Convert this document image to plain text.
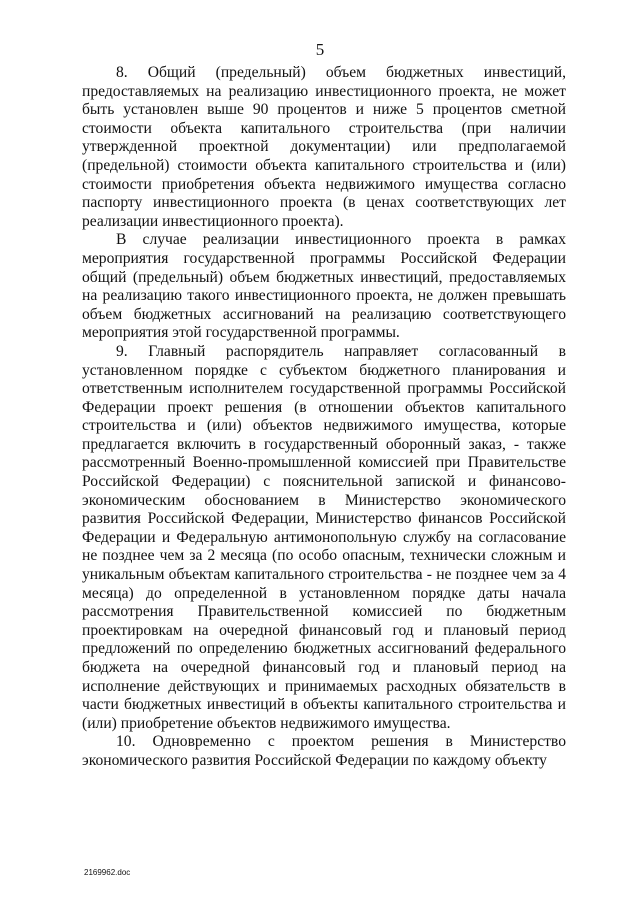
5

8. Общий (предельный) объем бюджетных инвестиций, предоставляемых на реализацию инвестиционного проекта, не может быть установлен выше 90 процентов и ниже 5 процентов сметной стоимости объекта капитального строительства (при наличии утвержденной проектной документации) или предполагаемой (предельной) стоимости объекта капитального строительства и (или) стоимости приобретения объекта недвижимого имущества согласно паспорту инвестиционного проекта (в ценах соответствующих лет реализации инвестиционного проекта).

В случае реализации инвестиционного проекта в рамках мероприятия государственной программы Российской Федерации общий (предельный) объем бюджетных инвестиций, предоставляемых на реализацию такого инвестиционного проекта, не должен превышать объем бюджетных ассигнований на реализацию соответствующего мероприятия этой государственной программы.

9. Главный распорядитель направляет согласованный в установленном порядке с субъектом бюджетного планирования и ответственным исполнителем государственной программы Российской Федерации проект решения (в отношении объектов капитального строительства и (или) объектов недвижимого имущества, которые предлагается включить в государственный оборонный заказ, - также рассмотренный Военно-промышленной комиссией при Правительстве Российской Федерации) с пояснительной запиской и финансово-экономическим обоснованием в Министерство экономического развития Российской Федерации, Министерство финансов Российской Федерации и Федеральную антимонопольную службу на согласование не позднее чем за 2 месяца (по особо опасным, технически сложным и уникальным объектам капитального строительства - не позднее чем за 4 месяца) до определенной в установленном порядке даты начала рассмотрения Правительственной комиссией по бюджетным проектировкам на очередной финансовый год и плановый период предложений по определению бюджетных ассигнований федерального бюджета на очередной финансовый год и плановый период на исполнение действующих и принимаемых расходных обязательств в части бюджетных инвестиций в объекты капитального строительства и (или) приобретение объектов недвижимого имущества.

10. Одновременно с проектом решения в Министерство экономического развития Российской Федерации по каждому объекту

2169962.doc
